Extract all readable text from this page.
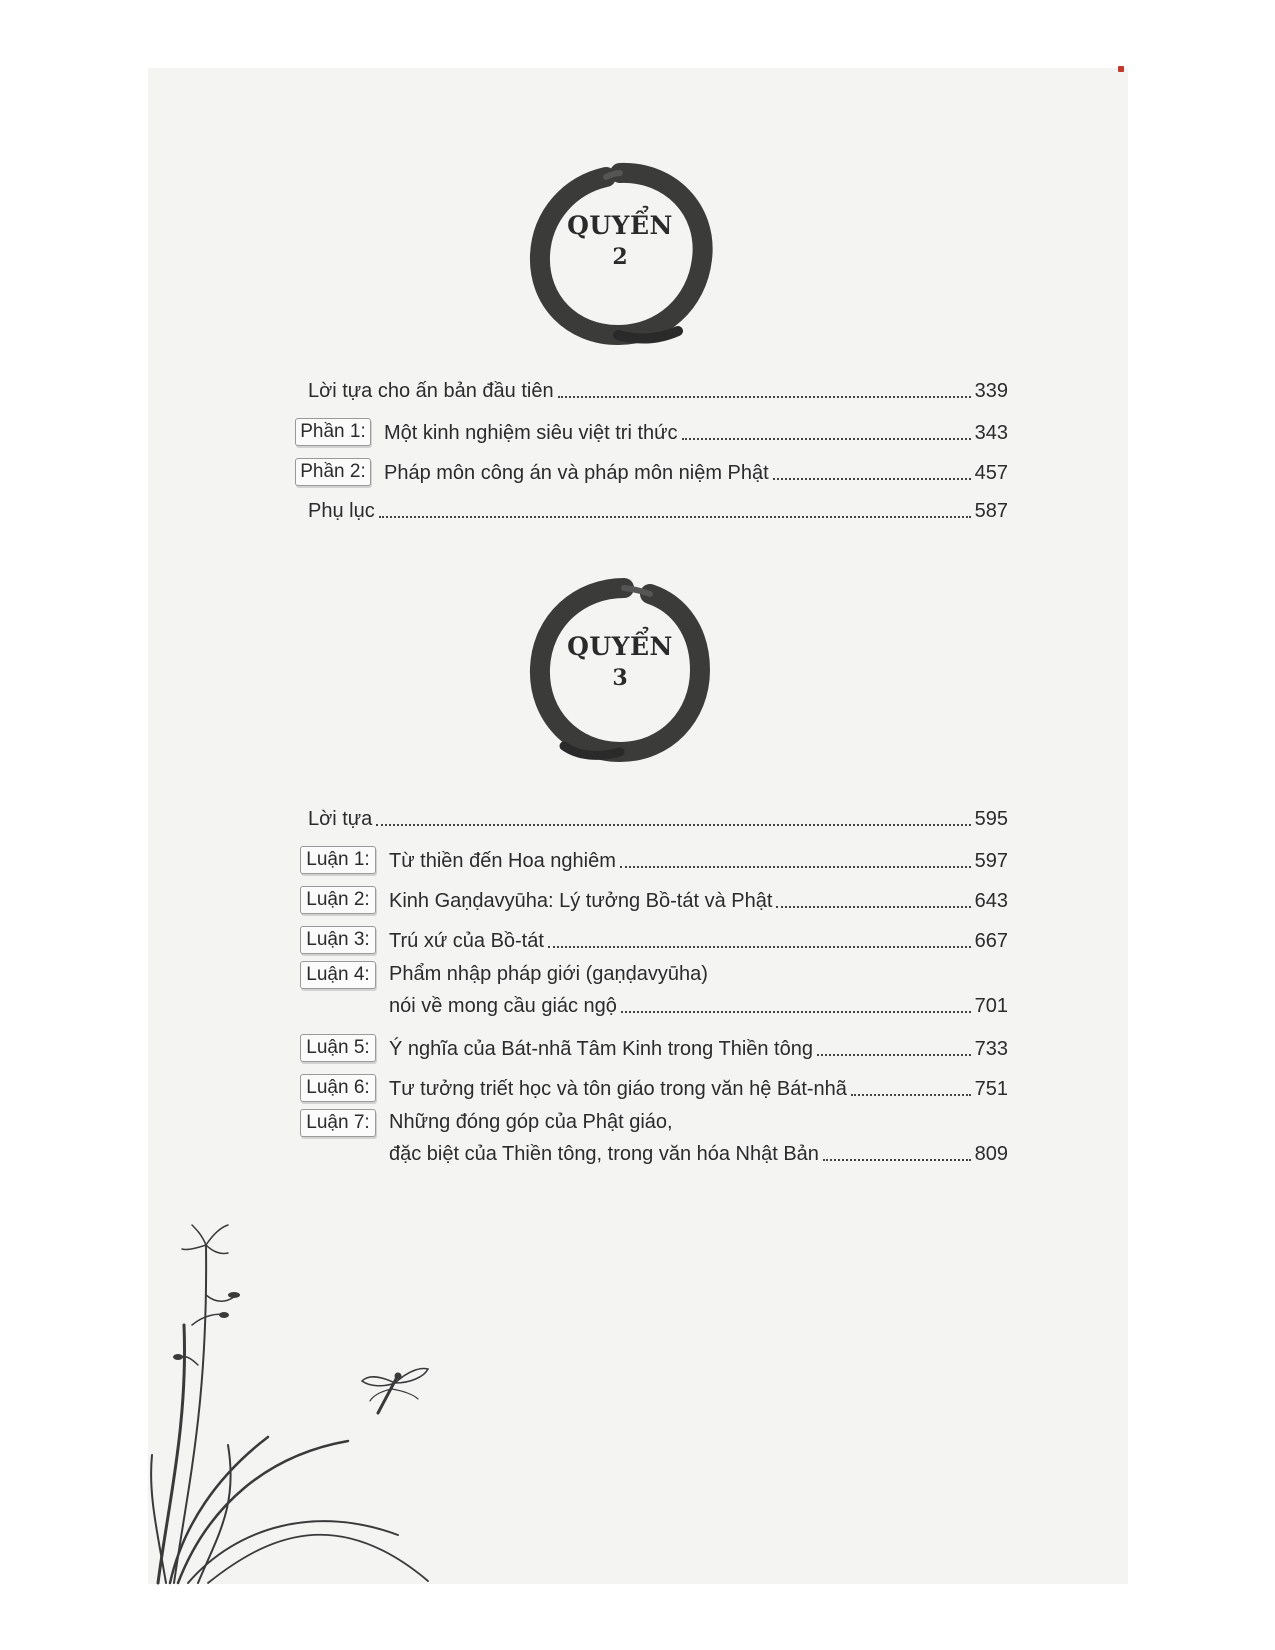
QUYỂN
2
Lời tựa cho ấn bản đầu tiên	339
Phần 1: Một kinh nghiệm siêu việt tri thức	343
Phần 2: Pháp môn công án và pháp môn niệm Phật	457
Phụ lục	587
QUYỂN
3
Lời tựa	595
Luận 1: Từ thiền đến Hoa nghiêm	597
Luận 2: Kinh Gaṇḍavyūha: Lý tưởng Bồ-tát và Phật	643
Luận 3: Trú xứ của Bồ-tát	667
Luận 4: Phẩm nhập pháp giới (gaṇḍavyūha)
nói về mong cầu giác ngộ	701
Luận 5: Ý nghĩa của Bát-nhã Tâm Kinh trong Thiền tông	733
Luận 6: Tư tưởng triết học và tôn giáo trong văn hệ Bát-nhã	751
Luận 7: Những đóng góp của Phật giáo,
đặc biệt của Thiền tông, trong văn hóa Nhật Bản	809
